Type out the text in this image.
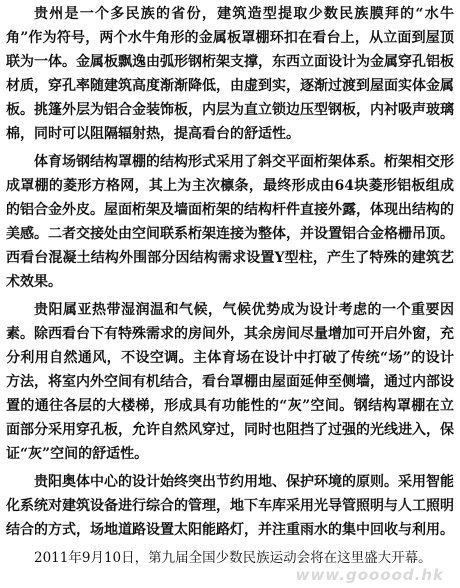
贵州是一个多民族的省份，建筑造型提取少数民族膜拜的“水牛角”作为符号，两个水牛角形的金属板罩棚环扣在看台上，从立面到屋顶联为一体。金属板飘逸由弧形钢桁架支撑，东西立面设计为金属穿孔铝板材质，穿孔率随建筑高度渐渐降低，由虚到实，逐渐过渡到屋面实体金属板。挑篷外层为铝合金装饰板，内层为直立锁边压型钢板，内衬吸声玻璃棉，同时可以阻隔辐射热，提高看台的舒适性。

体育场钢结构罩棚的结构形式采用了斜交平面桁架体系。桁架相交形成罩棚的菱形方格网，其上为主次檩条，最终形成由64块菱形铝板组成的铝合金外皮。屋面桁架及墙面桁架的结构杆件直接外露，体现出结构的美感。二者交接处由空间联系桁架连接为整体，并设置铝合金格栅吊顶。西看台混凝土结构外围部分因结构需求设置Y型柱，产生了特殊的建筑艺术效果。

贵阳属亚热带湿润温和气候，气候优势成为设计考虑的一个重要因素。除西看台下有特殊需求的房间外，其余房间尽量增加可开启外窗，充分利用自然通风，不设空调。主体育场在设计中打破了传统“场”的设计方法，将室内外空间有机结合，看台罩棚由屋面延伸至侧墙，通过内部设置的通往各层的大楼梯，形成具有功能性的“灰”空间。钢结构罩棚在立面部分采用穿孔板，允许自然风穿过，同时也阻挡了过强的光线进入，保证“灰”空间的舒适性。

贵阳奥体中心的设计始终突出节约用地、保护环境的原则。采用智能化系统对建筑设备进行综合的管理，地下车库采用光导管照明与人工照明结合的方式，场地道路设置太阳能路灯，并注重雨水的集中回收与利用。

2011年9月10日，第九届全国少数民族运动会将在这里盛大开幕。

www.gooood.hk
